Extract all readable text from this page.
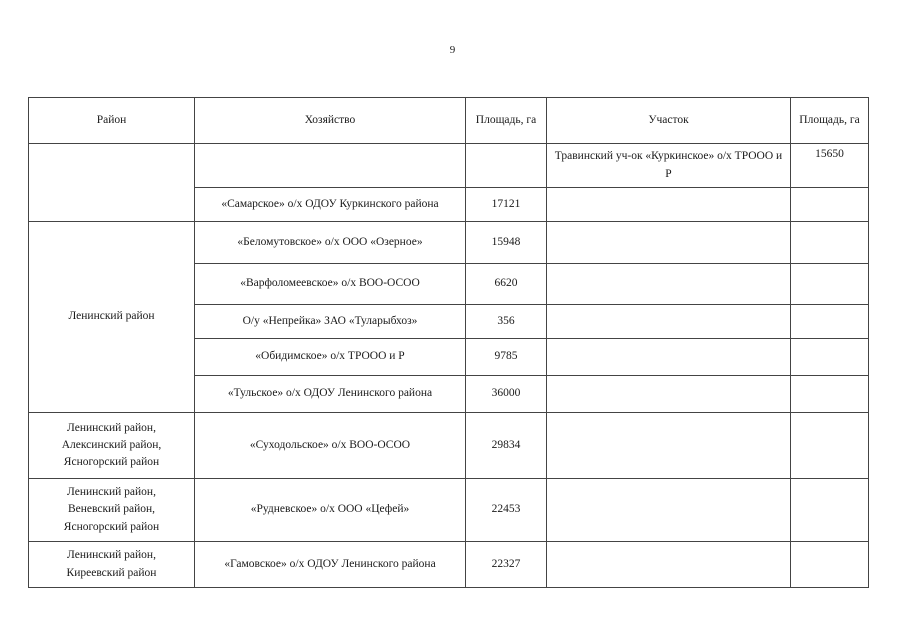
9
Район	Хозяйство	Площадь, га	Участок	Площадь, га
			Травинский уч-ок «Куркинское» о/х ТРООО и Р	15650
	«Самарское» о/х ОДОУ Куркинского района	17121		
Ленинский район	«Беломутовское» о/х ООО «Озерное»	15948		
	«Варфоломеевское» о/х ВОО-ОСОО	6620		
	О/у «Непрейка» ЗАО «Туларыбхоз»	356		
	«Обидимское» о/х ТРООО и Р	9785		
	«Тульское» о/х ОДОУ Ленинского района	36000		
Ленинский район,
Алексинский район,
Ясногорский район	«Суходольское» о/х ВОО-ОСОО	29834		
Ленинский район,
Веневский район,
Ясногорский район	«Рудневское» о/х ООО «Цефей»	22453		
Ленинский район,
Киреевский район	«Гамовское» о/х ОДОУ Ленинского района	22327		
